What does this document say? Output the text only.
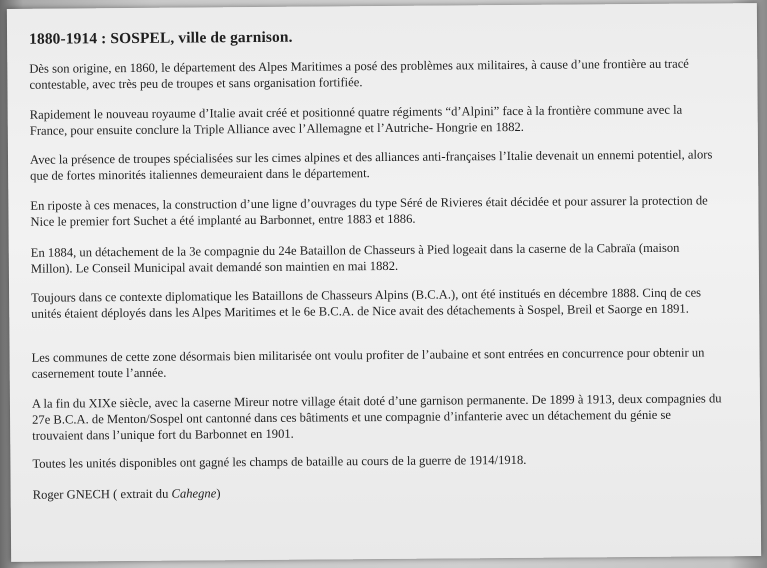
1880-1914 : SOSPEL, ville de garnison.
Dès son origine, en 1860, le département des Alpes Maritimes a posé des problèmes aux militaires, à cause d’une frontière au tracé contestable, avec très peu de troupes et sans organisation fortifiée.
Rapidement le nouveau royaume d’Italie avait créé et positionné quatre régiments “d’Alpini” face à la frontière commune avec la France, pour ensuite conclure la Triple Alliance avec l’Allemagne et l’Autriche- Hongrie en 1882.
Avec la présence de troupes spécialisées sur les cimes alpines et des alliances anti-françaises l’Italie devenait un ennemi potentiel, alors que de fortes minorités italiennes demeuraient dans le département.
En riposte à ces menaces, la construction d’une ligne d’ouvrages du type Séré de Rivieres était décidée et pour assurer la protection de Nice le premier fort Suchet a été implanté au Barbonnet, entre 1883 et 1886.
En 1884, un détachement de la 3e compagnie du 24e Bataillon de Chasseurs à Pied logeait dans la caserne de la Cabraïa (maison Millon). Le Conseil Municipal avait demandé son maintien en mai 1882.
Toujours dans ce contexte diplomatique les Bataillons de Chasseurs Alpins (B.C.A.), ont été institués en décembre 1888. Cinq de ces unités étaient déployés dans les Alpes Maritimes et le 6e B.C.A. de Nice avait des détachements à Sospel, Breil et Saorge en 1891.
Les communes de cette zone désormais bien militarisée ont voulu profiter de l’aubaine et sont entrées en concurrence pour obtenir un casernement toute l’année.
A la fin du XIXe siècle, avec la caserne Mireur notre village était doté d’une garnison permanente. De 1899 à 1913, deux compagnies du 27e B.C.A. de Menton/Sospel ont cantonné dans ces bâtiments et une compagnie d’infanterie avec un détachement du génie se trouvaient dans l’unique fort du Barbonnet en 1901.
Toutes les unités disponibles ont gagné les champs de bataille au cours de la guerre de 1914/1918.
Roger GNECH ( extrait du Cahegne)
